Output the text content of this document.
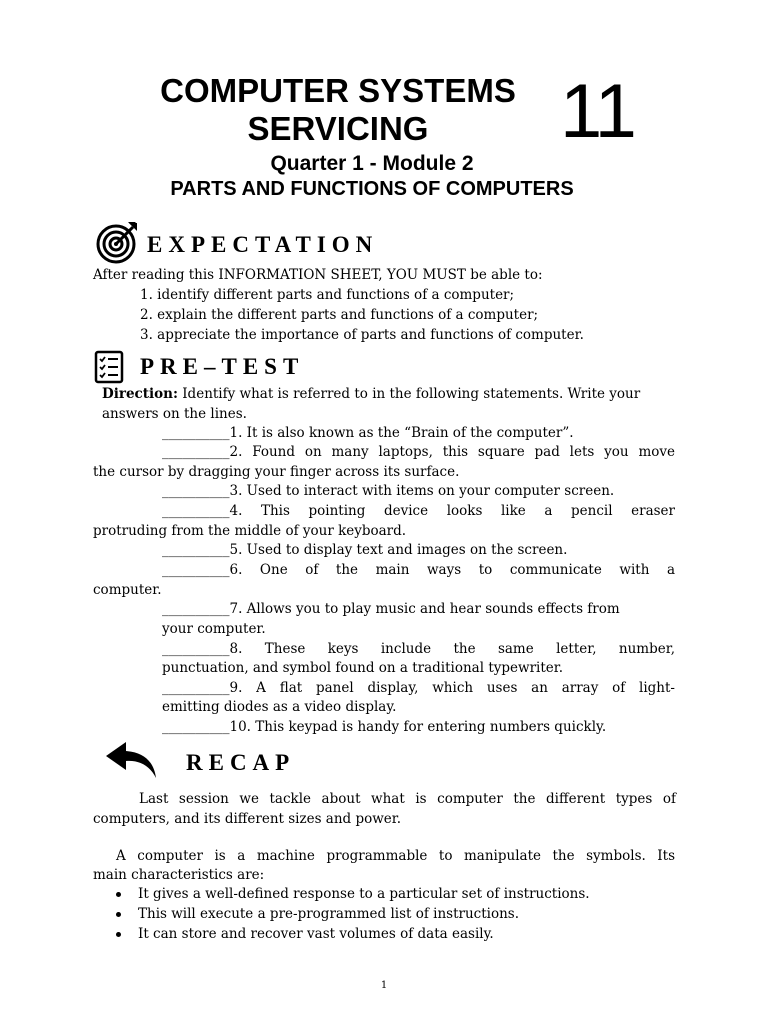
COMPUTER SYSTEMS
SERVICING	11
Quarter 1 - Module 2
PARTS AND FUNCTIONS OF COMPUTERS
EXPECTATION
After reading this INFORMATION SHEET, YOU MUST be able to:
1. identify different parts and functions of a computer;
2. explain the different parts and functions of a computer;
3. appreciate the importance of parts and functions of computer.
PRE–TEST
Direction: Identify what is referred to in the following statements. Write your
answers on the lines.
__________1. It is also known as the “Brain of the computer”.
__________2. Found on many laptops, this square pad lets you move
the cursor by dragging your finger across its surface.
__________3. Used to interact with items on your computer screen.
__________4. This pointing device looks like a pencil eraser
protruding from the middle of your keyboard.
__________5. Used to display text and images on the screen.
__________6. One of the main ways to communicate with a
computer.
__________7. Allows you to play music and hear sounds effects from
your computer.
__________8. These keys include the same letter, number,
punctuation, and symbol found on a traditional typewriter.
__________9. A flat panel display, which uses an array of light-
emitting diodes as a video display.
__________10. This keypad is handy for entering numbers quickly.
RECAP
Last session we tackle about what is computer the different types of
computers, and its different sizes and power.
A computer is a machine programmable to manipulate the symbols. Its
main characteristics are:
It gives a well-defined response to a particular set of instructions.
This will execute a pre-programmed list of instructions.
It can store and recover vast volumes of data easily.
1
